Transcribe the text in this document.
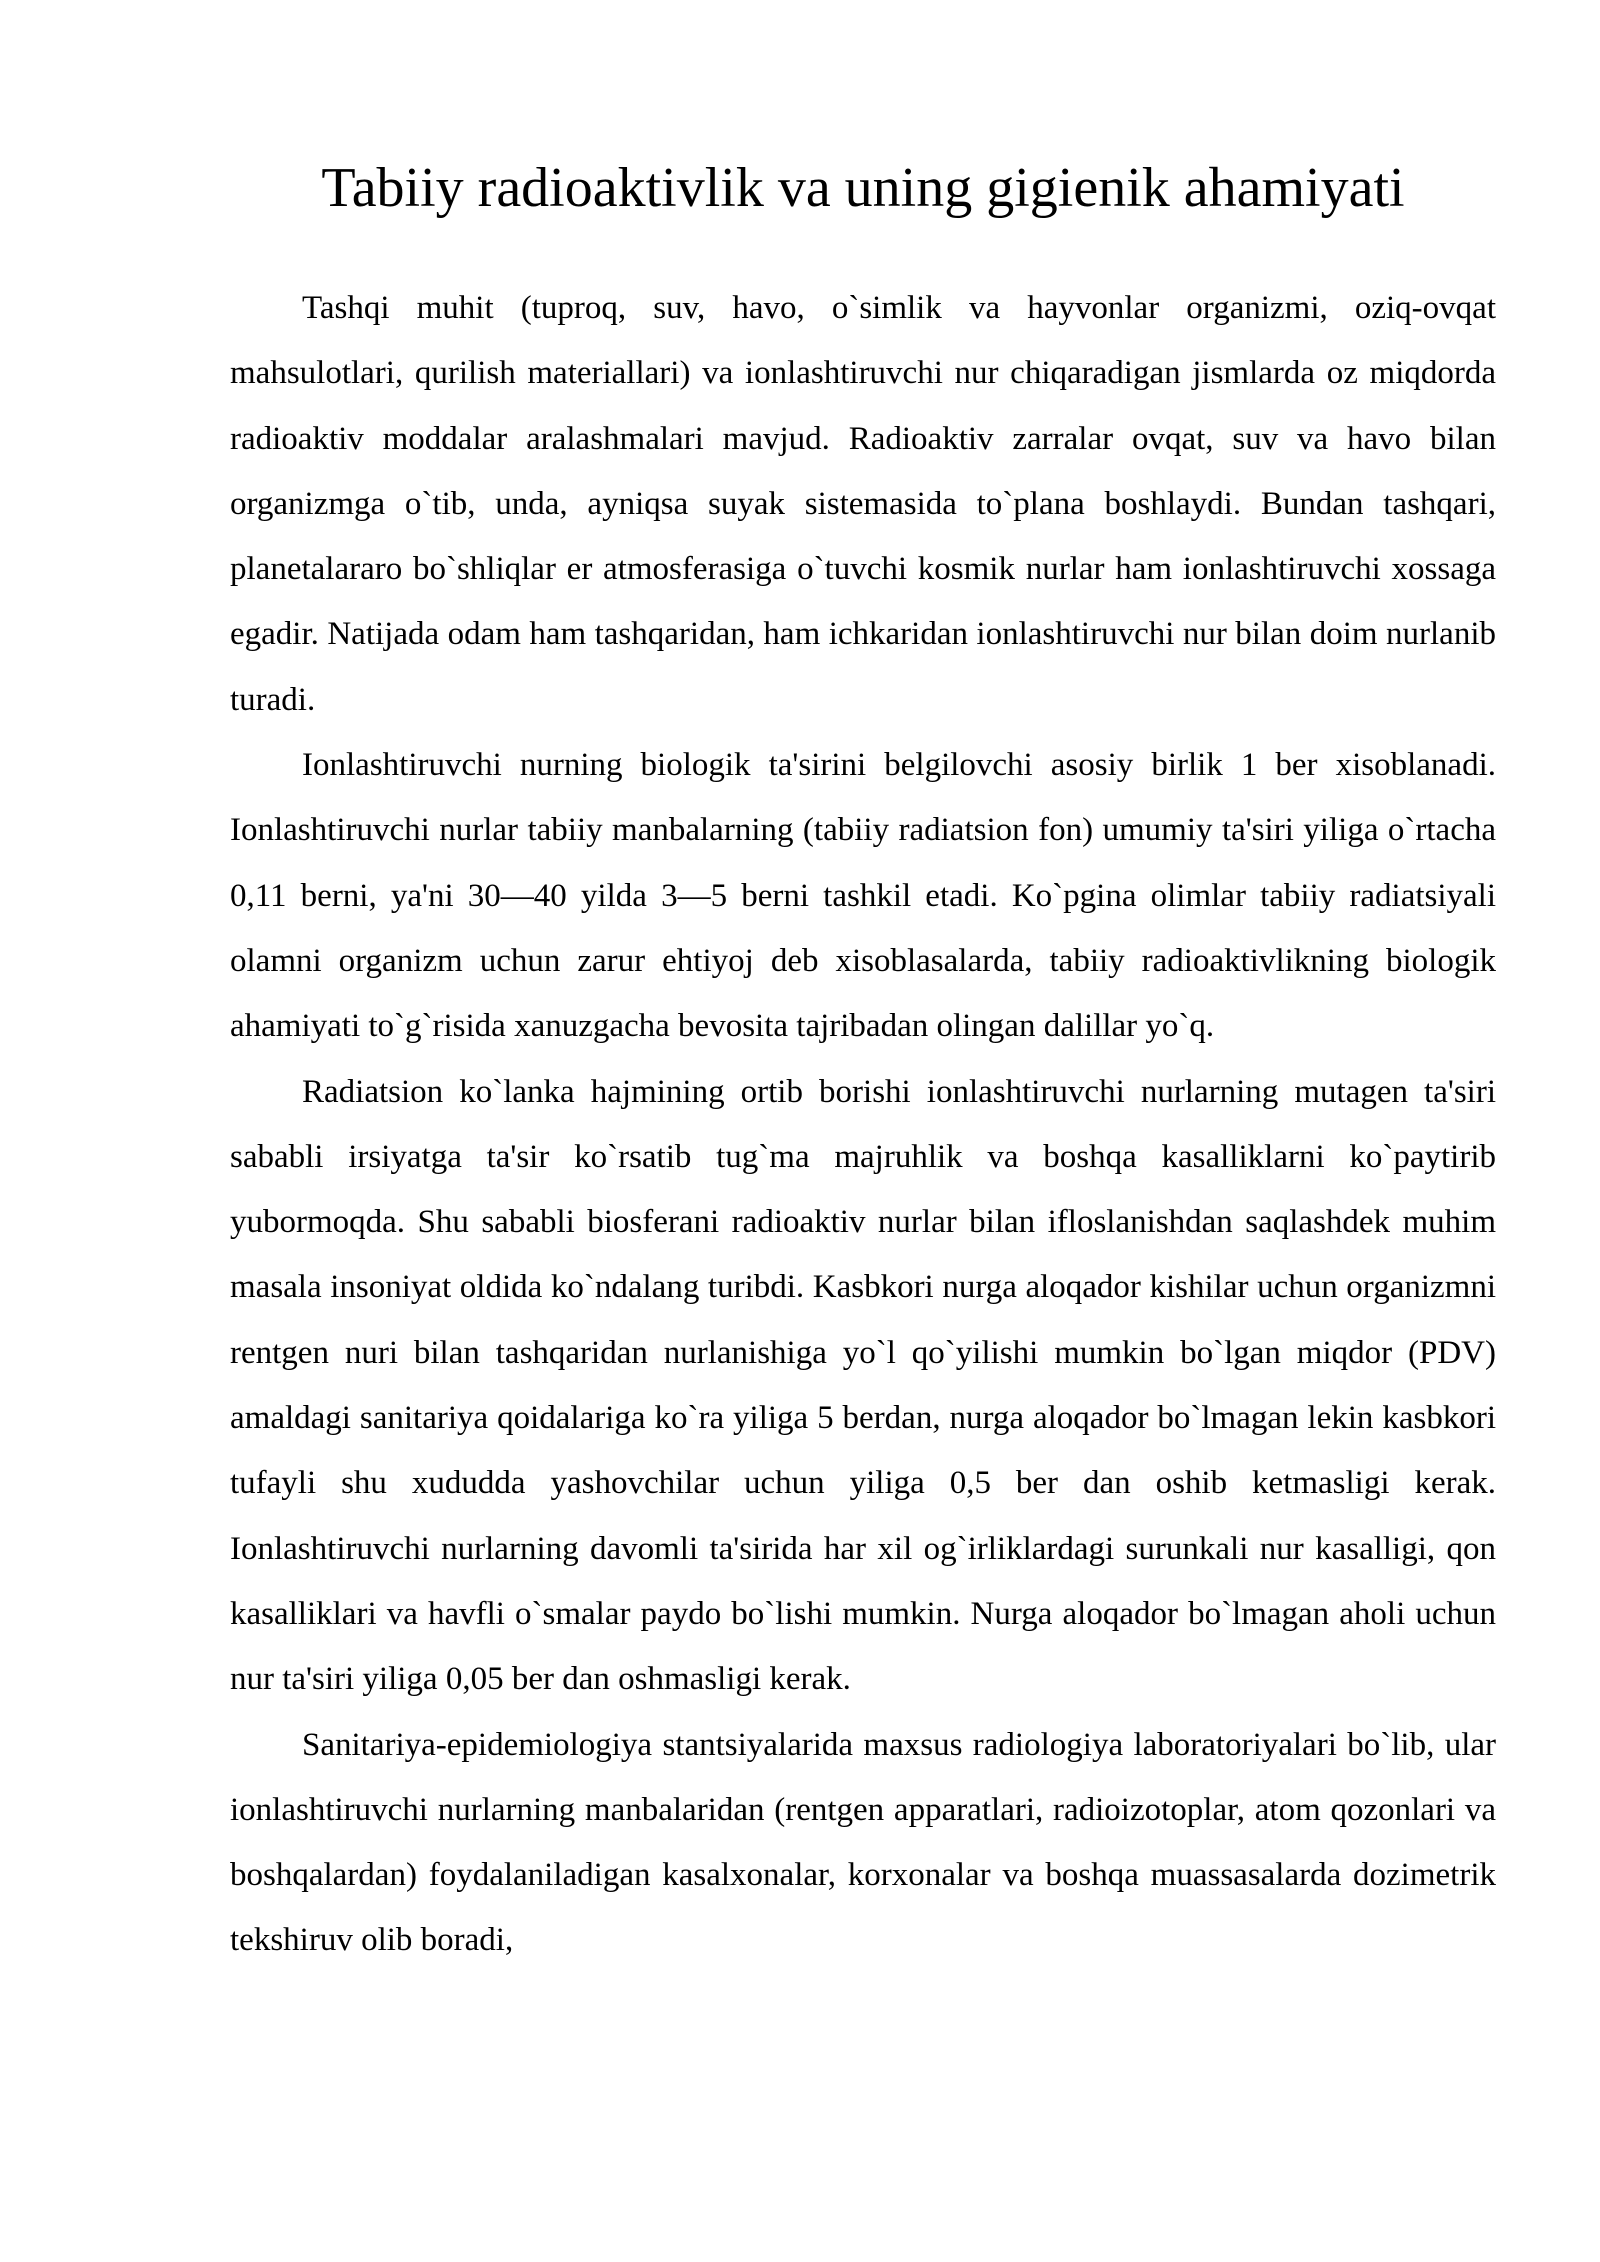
Tabiiy radioaktivlik va uning gigienik ahamiyati

Tashqi muhit (tuproq, suv, havo, o`simlik va hayvonlar organizmi, oziq-ovqat mahsulotlari, qurilish materiallari) va ionlashtiruvchi nur chiqaradigan jismlarda oz miqdorda radioaktiv moddalar aralashmalari mavjud. Radioaktiv zarralar ovqat, suv va havo bilan organizmga o`tib, unda, ayniqsa suyak sistemasida to`plana boshlaydi. Bundan tashqari, planetalararo bo`shliqlar er atmosferasiga o`tuvchi kosmik nurlar ham ionlashtiruvchi xossaga egadir. Natijada odam ham tashqaridan, ham ichkaridan ionlashtiruvchi nur bilan doim nurlanib turadi.

Ionlashtiruvchi nurning biologik ta'sirini belgilovchi asosiy birlik 1 ber xisoblanadi. Ionlashtiruvchi nurlar tabiiy manbalarning (tabiiy radiatsion fon) umumiy ta'siri yiliga o`rtacha 0,11 berni, ya'ni 30—40 yilda 3—5 berni tashkil etadi. Ko`pgina olimlar tabiiy radiatsiyali olamni organizm uchun zarur ehtiyoj deb xisoblasalarda, tabiiy radioaktivlikning biologik ahamiyati to`g`risida xanuzgacha bevosita tajribadan olingan dalillar yo`q.

Radiatsion ko`lanka hajmining ortib borishi ionlashtiruvchi nurlarning mutagen ta'siri sababli irsiyatga ta'sir ko`rsatib tug`ma majruhlik va boshqa kasalliklarni ko`paytirib yubormoqda. Shu sababli biosferani radioaktiv nurlar bilan ifloslanishdan saqlashdek muhim masala insoniyat oldida ko`ndalang turibdi. Kasbkori nurga aloqador kishilar uchun organizmni rentgen nuri bilan tashqaridan nurlanishiga yo`l qo`yilishi mumkin bo`lgan miqdor (PDV) amaldagi sanitariya qoidalariga ko`ra yiliga 5 berdan, nurga aloqador bo`lmagan lekin kasbkori tufayli shu xududda yashovchilar uchun yiliga 0,5 ber dan oshib ketmasligi kerak. Ionlashtiruvchi nurlarning davomli ta'sirida har xil og`irliklardagi surunkali nur kasalligi, qon kasalliklari va havfli o`smalar paydo bo`lishi mumkin. Nurga aloqador bo`lmagan aholi uchun nur ta'siri yiliga 0,05 ber dan oshmasligi kerak.

Sanitariya-epidemiologiya stantsiyalarida maxsus radiologiya laboratoriyalari bo`lib, ular ionlashtiruvchi nurlarning manbalaridan (rentgen apparatlari, radioizotoplar, atom qozonlari va boshqalardan) foydalaniladigan kasalxonalar, korxonalar va boshqa muassasalarda dozimetrik tekshiruv olib boradi,
